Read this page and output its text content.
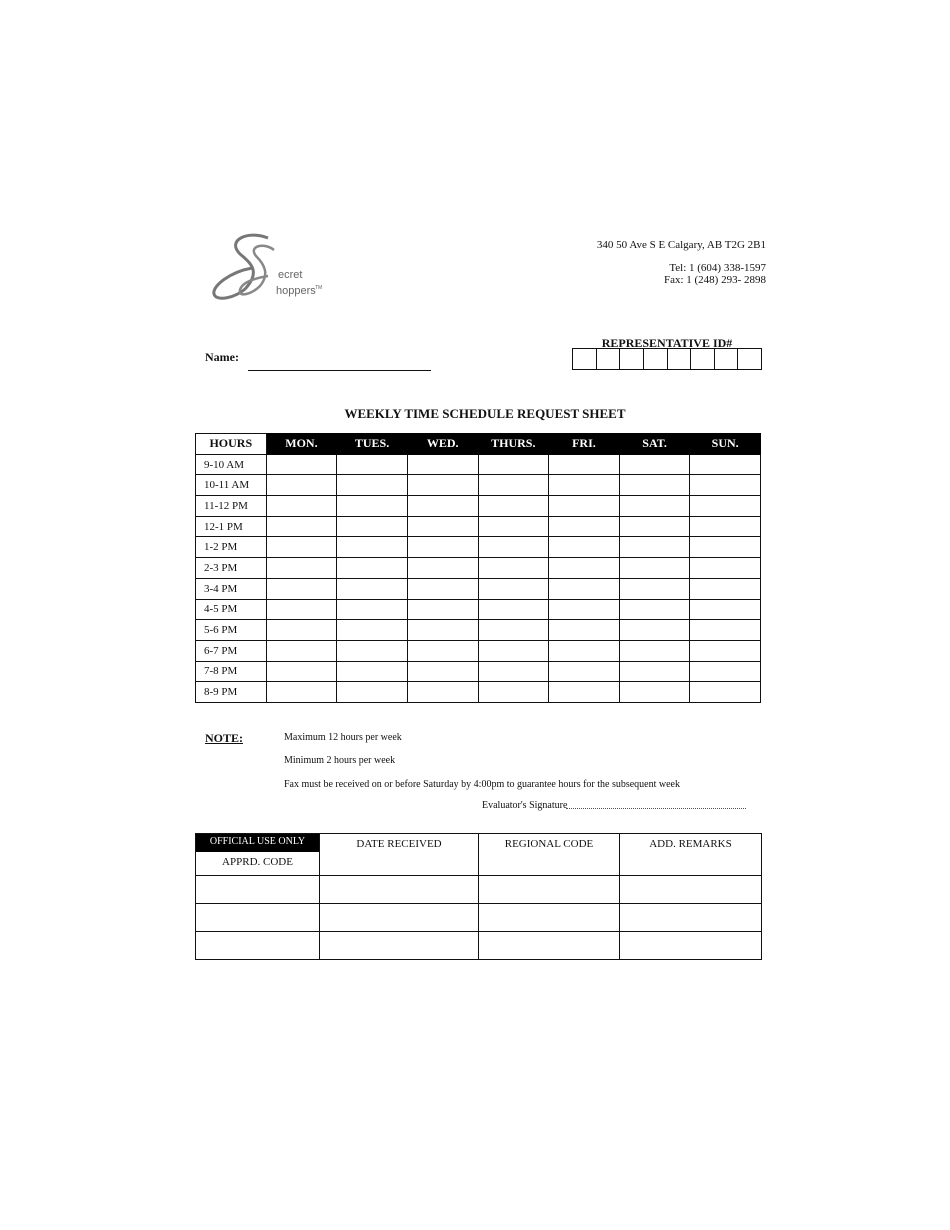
ecret
hoppers TM
340 50 Ave S E Calgary, AB T2G 2B1
Tel: 1 (604) 338-1597
Fax: 1 (248) 293- 2898
Name:
REPRESENTATIVE ID#
WEEKLY TIME SCHEDULE REQUEST SHEET
HOURS	MON.	TUES.	WED.	THURS.	FRI.	SAT.	SUN.
9-10 AM							
10-11 AM							
11-12 PM							
12-1 PM							
1-2 PM							
2-3 PM							
3-4 PM							
4-5 PM							
5-6 PM							
6-7 PM							
7-8 PM							
8-9 PM							
NOTE:	Maximum 12 hours per week
Minimum 2 hours per week
Fax must be received on or before Saturday by 4:00pm to guarantee hours for the subsequent week
Evaluator's Signature
OFFICIAL USE ONLY
APPRD. CODE	DATE RECEIVED	REGIONAL CODE	ADD. REMARKS
